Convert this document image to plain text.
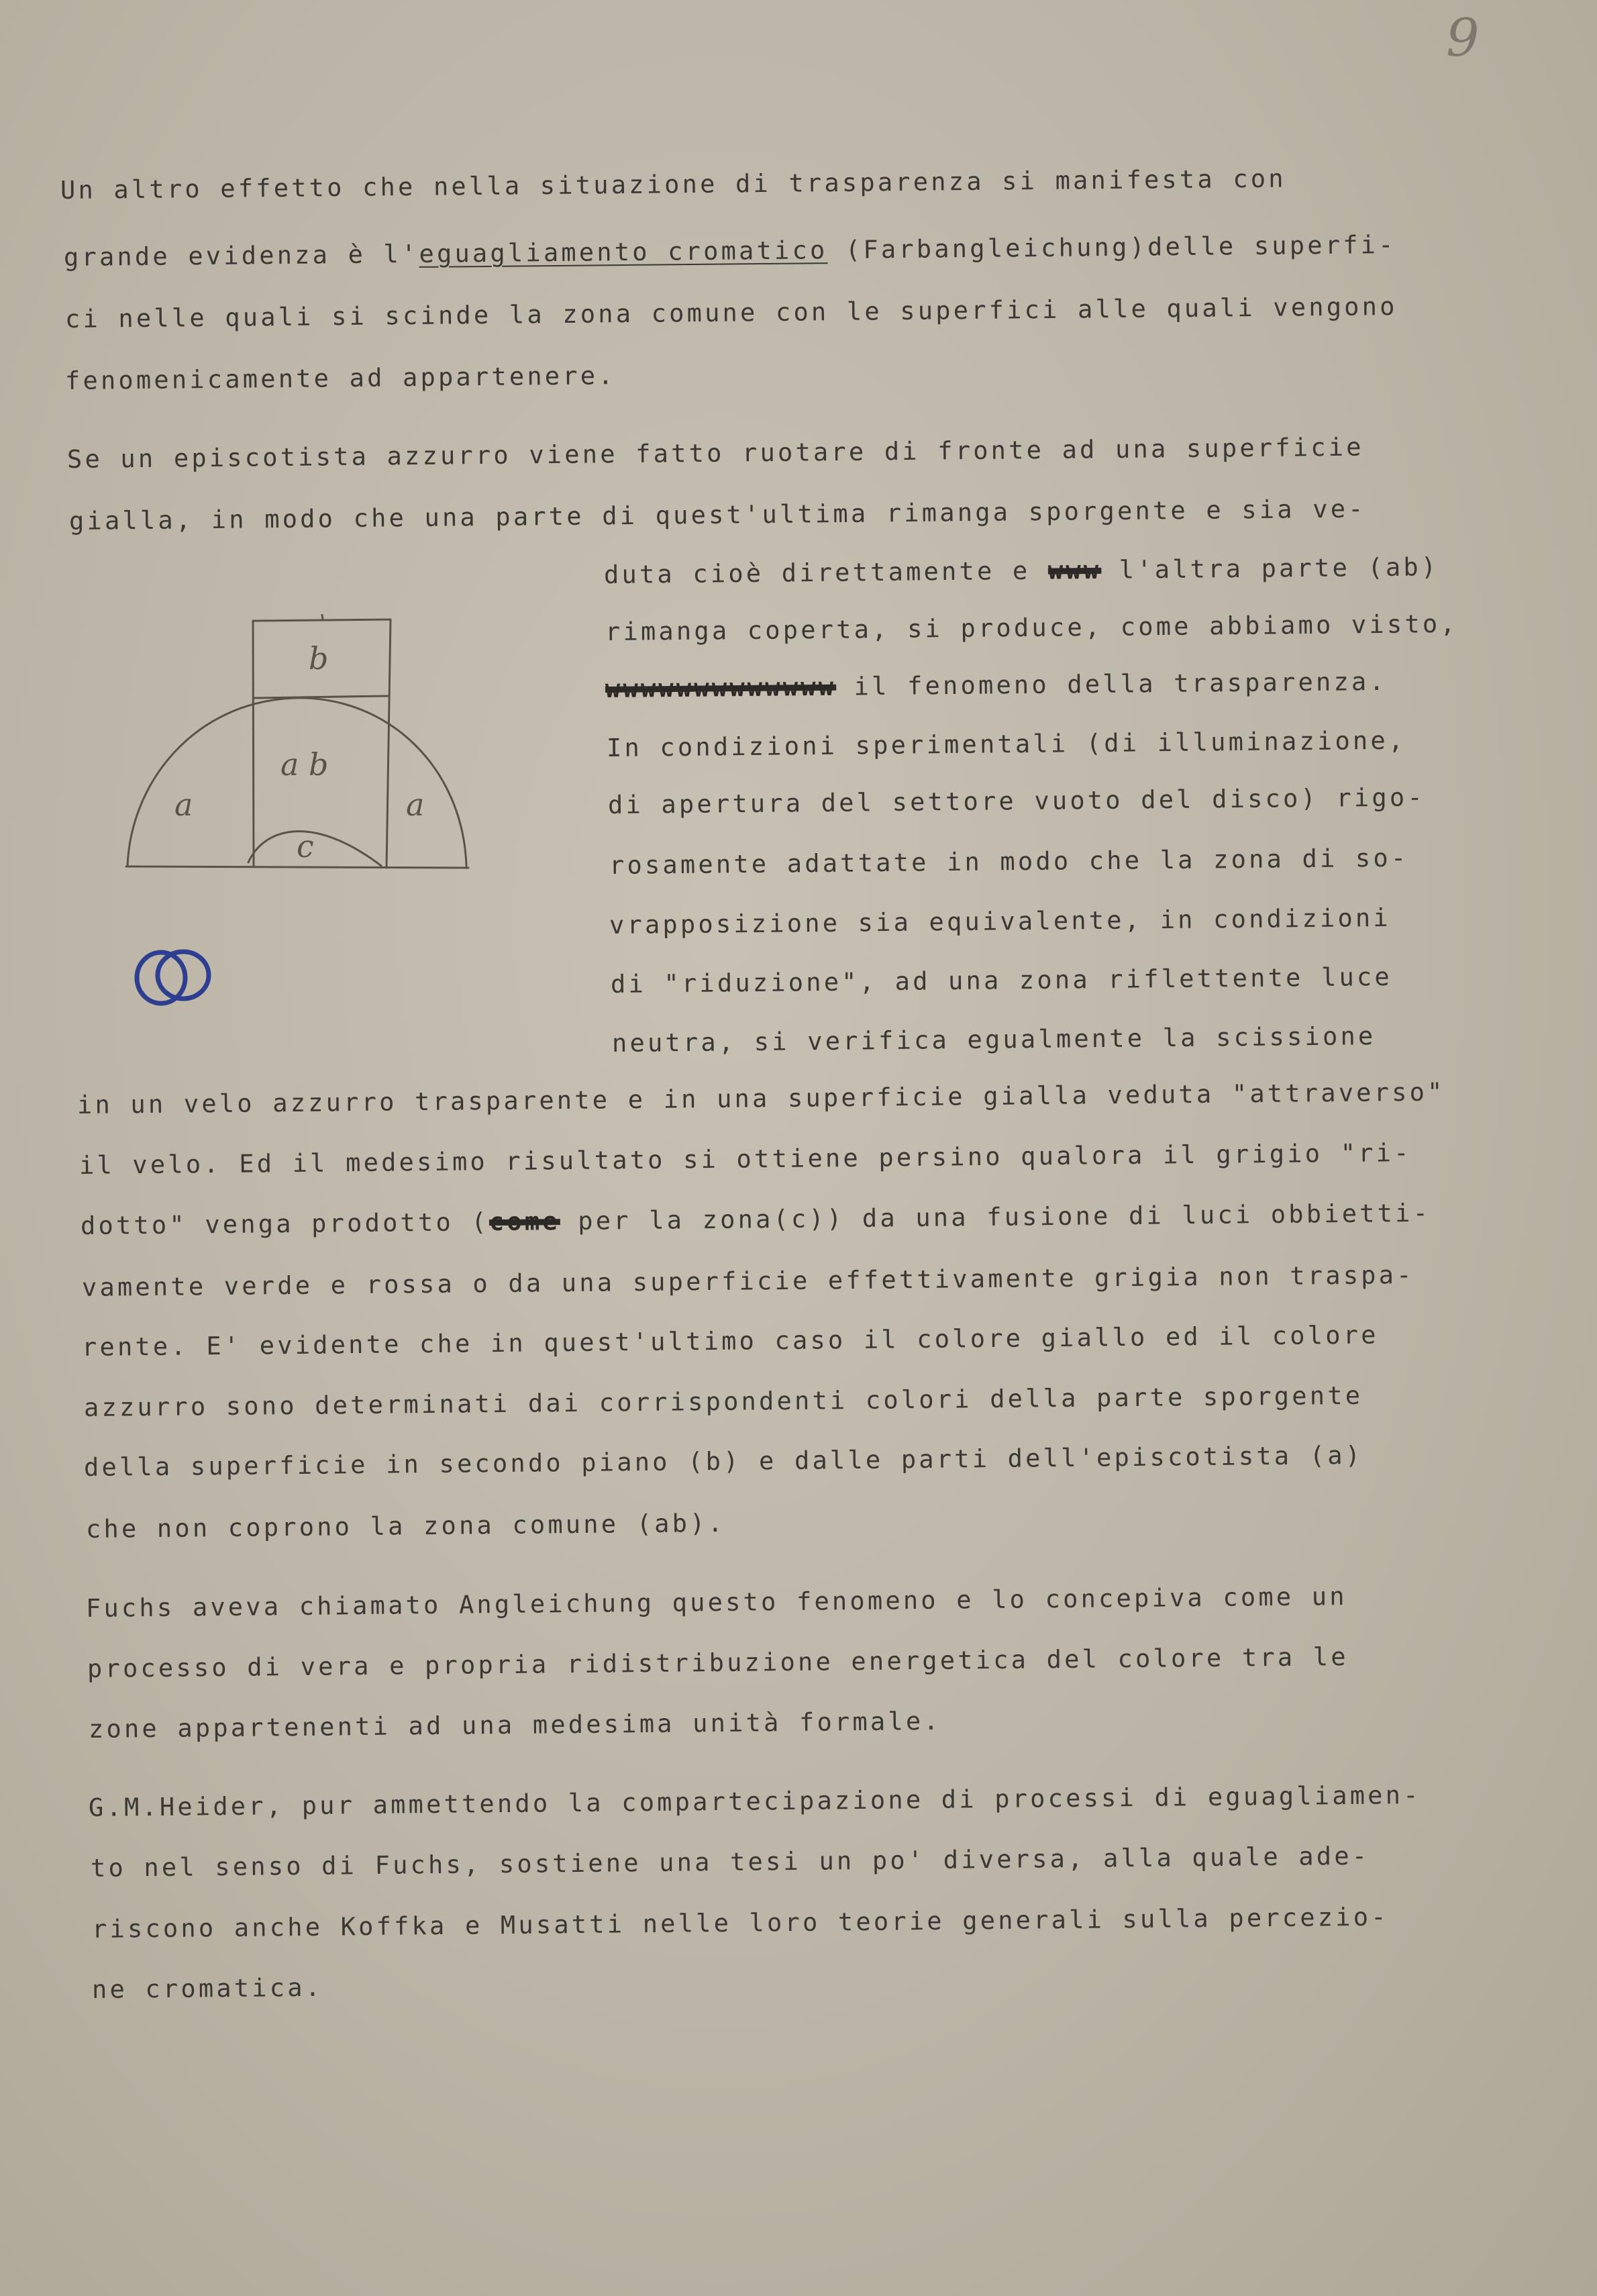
9
Un altro effetto che nella situazione di trasparenza si manifesta con
grande evidenza è l'eguagliamento cromatico (Farbangleichung)delle superfi-
ci nelle quali si scinde la zona comune con le superfici alle quali vengono
fenomenicamente ad appartenere.
Se un episcotista azzurro viene fatto ruotare di fronte ad una superficie
gialla, in modo che una parte di quest'ultima rimanga sporgente e sia ve-
duta cioè direttamente e www l'altra parte (ab)
rimanga coperta, si produce, come abbiamo visto,
wwwwwwwwwwwww il fenomeno della trasparenza.
In condizioni sperimentali (di illuminazione,
di apertura del settore vuoto del disco) rigo-
rosamente adattate in modo che la zona di so-
vrapposizione sia equivalente, in condizioni
di "riduzione", ad una zona riflettente luce
neutra, si verifica egualmente la scissione
in un velo azzurro trasparente e in una superficie gialla veduta "attraverso"
il velo. Ed il medesimo risultato si ottiene persino qualora il grigio "ri-
dotto" venga prodotto (come per la zona(c)) da una fusione di luci obbietti-
vamente verde e rossa o da una superficie effettivamente grigia non traspa-
rente. E' evidente che in quest'ultimo caso il colore giallo ed il colore
azzurro sono determinati dai corrispondenti colori della parte sporgente
della superficie in secondo piano (b) e dalle parti dell'episcotista (a)
che non coprono la zona comune (ab).
Fuchs aveva chiamato Angleichung questo fenomeno e lo concepiva come un
processo di vera e propria ridistribuzione energetica del colore tra le
zone appartenenti ad una medesima unità formale.
G.M.Heider, pur ammettendo la compartecipazione di processi di eguagliamen-
to nel senso di Fuchs, sostiene una tesi un po' diversa, alla quale ade-
riscono anche Koffka e Musatti nelle loro teorie generali sulla percezio-
ne cromatica.
b
a b
a	a
c
